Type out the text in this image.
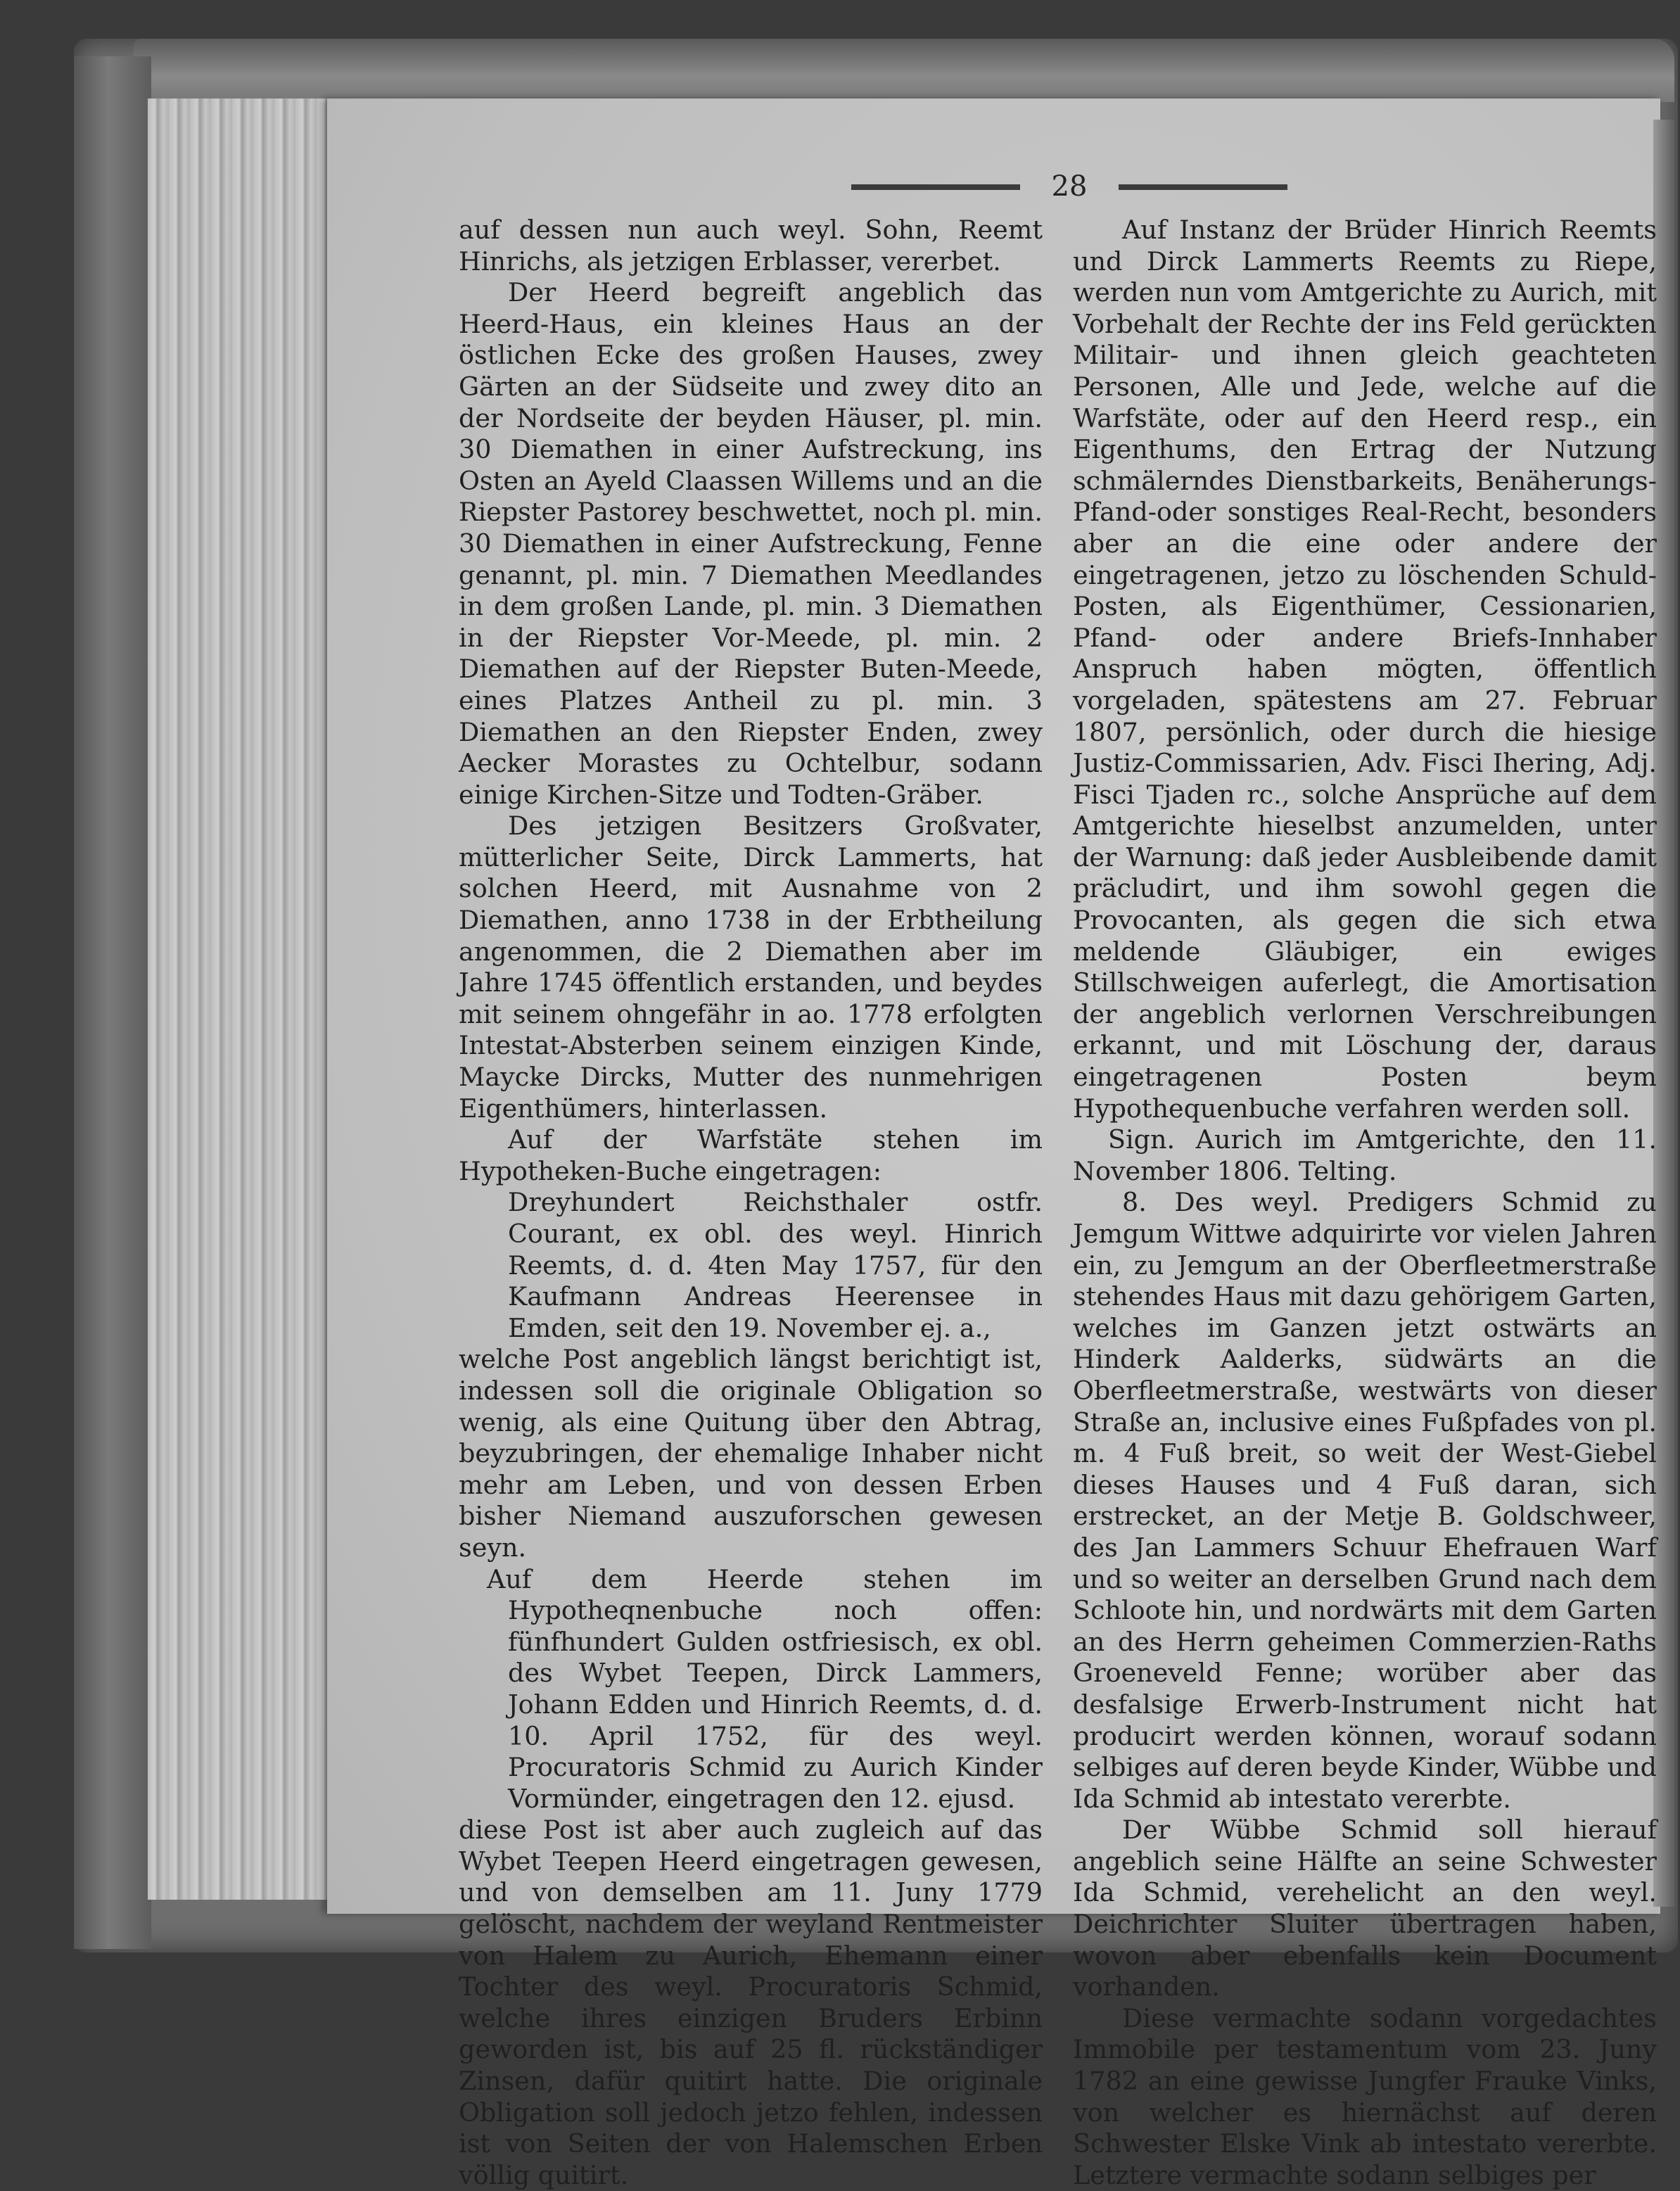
28

auf dessen nun auch weyl. Sohn, Reemt Hinrichs, als jetzigen Erblasser, vererbet.

Der Heerd begreift angeblich das Heerd-Haus, ein kleines Haus an der östlichen Ecke des großen Hauses, zwey Gärten an der Südseite und zwey dito an der Nordseite der beyden Häuser, pl. min. 30 Diemathen in einer Aufstreckung, ins Osten an Ayeld Claassen Willems und an die Riepster Pastorey beschwettet, noch pl. min. 30 Diemathen in einer Aufstreckung, Fenne genannt, pl. min. 7 Diemathen Meedlandes in dem großen Lande, pl. min. 3 Diemathen in der Riepster Vor-Meede, pl. min. 2 Diemathen auf der Riepster Buten-Meede, eines Platzes Antheil zu pl. min. 3 Diemathen an den Riepster Enden, zwey Aecker Morastes zu Ochtelbur, sodann einige Kirchen-Sitze und Todten-Gräber.

Des jetzigen Besitzers Großvater, mütterlicher Seite, Dirck Lammerts, hat solchen Heerd, mit Ausnahme von 2 Diemathen, anno 1738 in der Erbtheilung angenommen, die 2 Diemathen aber im Jahre 1745 öffentlich erstanden, und beydes mit seinem ohngefähr in ao. 1778 erfolgten Intestat-Absterben seinem einzigen Kinde, Maycke Dircks, Mutter des nunmehrigen Eigenthümers, hinterlassen.

Auf der Warfstäte stehen im Hypotheken-Buche eingetragen:

Dreyhundert Reichsthaler ostfr. Courant, ex obl. des weyl. Hinrich Reemts, d. d. 4ten May 1757, für den Kaufmann Andreas Heerensee in Emden, seit den 19. November ej. a.,

welche Post angeblich längst berichtigt ist, indessen soll die originale Obligation so wenig, als eine Quitung über den Abtrag, beyzubringen, der ehemalige Inhaber nicht mehr am Leben, und von dessen Erben bisher Niemand auszuforschen gewesen seyn.

Auf dem Heerde stehen im Hypotheqnenbuche noch offen: fünfhundert Gulden ostfriesisch, ex obl. des Wybet Teepen, Dirck Lammers, Johann Edden und Hinrich Reemts, d. d. 10. April 1752, für des weyl. Procuratoris Schmid zu Aurich Kinder Vormünder, eingetragen den 12. ejusd.

diese Post ist aber auch zugleich auf das Wybet Teepen Heerd eingetragen gewesen, und von demselben am 11. Juny 1779 gelöscht, nachdem der weyland Rentmeister von Halem zu Aurich, Ehemann einer Tochter des weyl. Procuratoris Schmid, welche ihres einzigen Bruders Erbinn geworden ist, bis auf 25 fl. rückständiger Zinsen, dafür quitirt hatte. Die originale Obligation soll jedoch jetzo fehlen, indessen ist von Seiten der von Halemschen Erben völlig quitirt.

Auf Instanz der Brüder Hinrich Reemts und Dirck Lammerts Reemts zu Riepe, werden nun vom Amtgerichte zu Aurich, mit Vorbehalt der Rechte der ins Feld gerückten Militair- und ihnen gleich geachteten Personen, Alle und Jede, welche auf die Warfstäte, oder auf den Heerd resp., ein Eigenthums, den Ertrag der Nutzung schmälerndes Dienstbarkeits, Benäherungs-Pfand-oder sonstiges Real-Recht, besonders aber an die eine oder andere der eingetragenen, jetzo zu löschenden Schuld-Posten, als Eigenthümer, Cessionarien, Pfand- oder andere Briefs-Innhaber Anspruch haben mögten, öffentlich vorgeladen, spätestens am 27. Februar 1807, persönlich, oder durch die hiesige Justiz-Commissarien, Adv. Fisci Ihering, Adj. Fisci Tjaden rc., solche Ansprüche auf dem Amtgerichte hieselbst anzumelden, unter der Warnung: daß jeder Ausbleibende damit präcludirt, und ihm sowohl gegen die Provocanten, als gegen die sich etwa meldende Gläubiger, ein ewiges Stillschweigen auferlegt, die Amortisation der angeblich verlornen Verschreibungen erkannt, und mit Löschung der, daraus eingetragenen Posten beym Hypothequenbuche verfahren werden soll.

Sign. Aurich im Amtgerichte, den 11. November 1806. Telting.

8. Des weyl. Predigers Schmid zu Jemgum Wittwe adquirirte vor vielen Jahren ein, zu Jemgum an der Oberfleetmerstraße stehendes Haus mit dazu gehörigem Garten, welches im Ganzen jetzt ostwärts an Hinderk Aalderks, südwärts an die Oberfleetmerstraße, westwärts von dieser Straße an, inclusive eines Fußpfades von pl. m. 4 Fuß breit, so weit der West-Giebel dieses Hauses und 4 Fuß daran, sich erstrecket, an der Metje B. Goldschweer, des Jan Lammers Schuur Ehefrauen Warf und so weiter an derselben Grund nach dem Schloote hin, und nordwärts mit dem Garten an des Herrn geheimen Commerzien-Raths Groeneveld Fenne; worüber aber das desfalsige Erwerb-Instrument nicht hat producirt werden können, worauf sodann selbiges auf deren beyde Kinder, Wübbe und Ida Schmid ab intestato vererbte.

Der Wübbe Schmid soll hierauf angeblich seine Hälfte an seine Schwester Ida Schmid, verehelicht an den weyl. Deichrichter Sluiter übertragen haben, wovon aber ebenfalls kein Document vorhanden.

Diese vermachte sodann vorgedachtes Immobile per testamentum vom 23. Juny 1782 an eine gewisse Jungfer Frauke Vinks, von welcher es hiernächst auf deren Schwester Elske Vink ab intestato vererbte. Letztere vermachte sodann selbiges per
